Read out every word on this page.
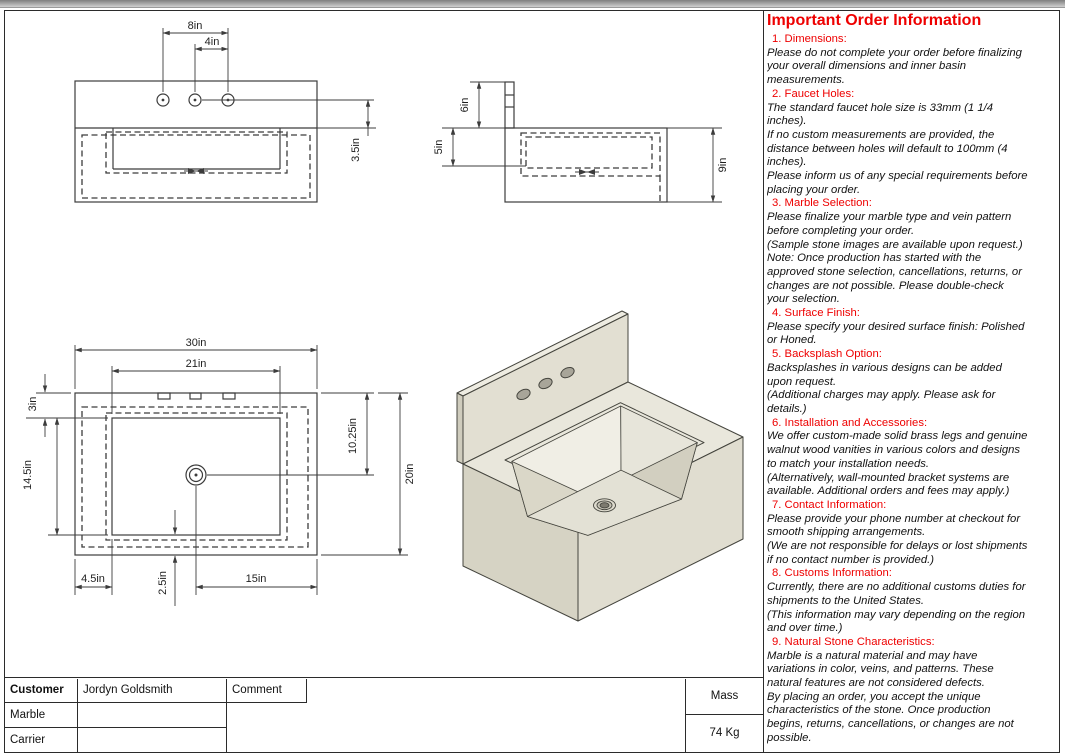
8in
4in
3.5in
6in
5in
9in
30in
21in
3in
14.5in
10.25in
20in
4.5in	2.5in	15in
Customer	Jordyn Goldsmith	Comment
Marble
Carrier
Mass
74 Kg
Important Order Information
1. Dimensions:
Please do not complete your order before finalizing
your overall dimensions and inner basin
measurements.
2. Faucet Holes:
The standard faucet hole size is 33mm (1 1/4
inches).
If no custom measurements are provided, the
distance between holes will default to 100mm (4
inches).
Please inform us of any special requirements before
placing your order.
3. Marble Selection:
Please finalize your marble type and vein pattern
before completing your order.
(Sample stone images are available upon request.)
Note: Once production has started with the
approved stone selection, cancellations, returns, or
changes are not possible. Please double-check
your selection.
4. Surface Finish:
Please specify your desired surface finish: Polished
or Honed.
5. Backsplash Option:
Backsplashes in various designs can be added
upon request.
(Additional charges may apply. Please ask for
details.)
6. Installation and Accessories:
We offer custom-made solid brass legs and genuine
walnut wood vanities in various colors and designs
to match your installation needs.
(Alternatively, wall-mounted bracket systems are
available. Additional orders and fees may apply.)
7. Contact Information:
Please provide your phone number at checkout for
smooth shipping arrangements.
(We are not responsible for delays or lost shipments
if no contact number is provided.)
8. Customs Information:
Currently, there are no additional customs duties for
shipments to the United States.
(This information may vary depending on the region
and over time.)
9. Natural Stone Characteristics:
Marble is a natural material and may have
variations in color, veins, and patterns. These
natural features are not considered defects.
By placing an order, you accept the unique
characteristics of the stone. Once production
begins, returns, cancellations, or changes are not
possible.
